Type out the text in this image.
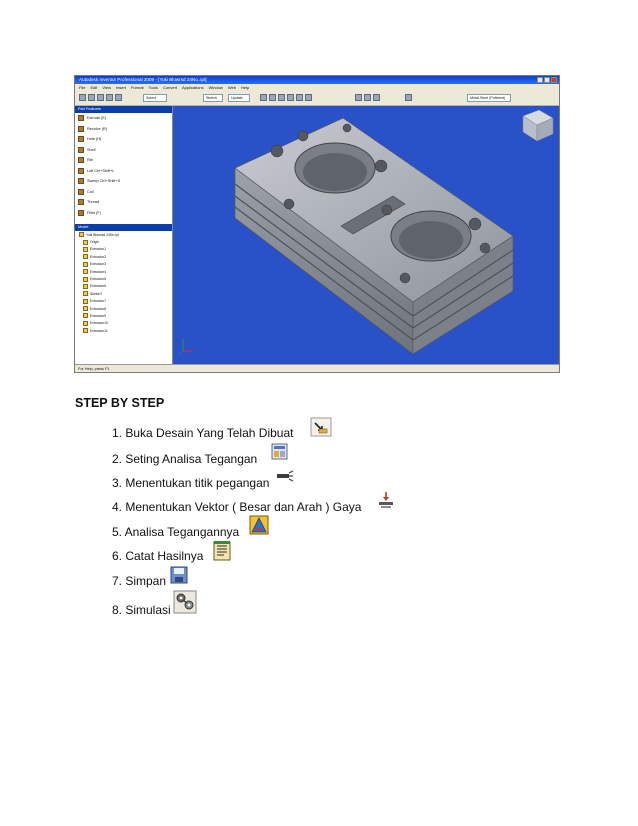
Autodesk Inventor Professional 2009 - [Yoki Blowrsd 24No..ipt]
File Edit View Insert Format Tools Convert Applications Window Web Help
Select	Sketch	Update	Metal-Steel (Polished)
Part Features
Extrude (E)
Revolve (R)
Hole (H)
Shell
Rib
Loft Ctrl+Shift+L
Sweep Ctrl+Shift+S
Coil
Thread
Fillet (F)
Model
Yoki Blowrsd 24No.ipt
Origin
Extrusion1
Extrusion2
Extrusion3
Extrusion4
Extrusion5
Extrusion6
Sketch7
Extrusion7
Extrusion8
Extrusion9
Extrusion10
Extrusion11
For Help, press F1
STEP BY STEP
1. Buka Desain Yang Telah Dibuat
2. Seting Analisa Tegangan
3. Menentukan titik pegangan
4. Menentukan Vektor ( Besar dan Arah ) Gaya
5. Analisa Tegangannya
6. Catat Hasilnya
7. Simpan
8. Simulasi
